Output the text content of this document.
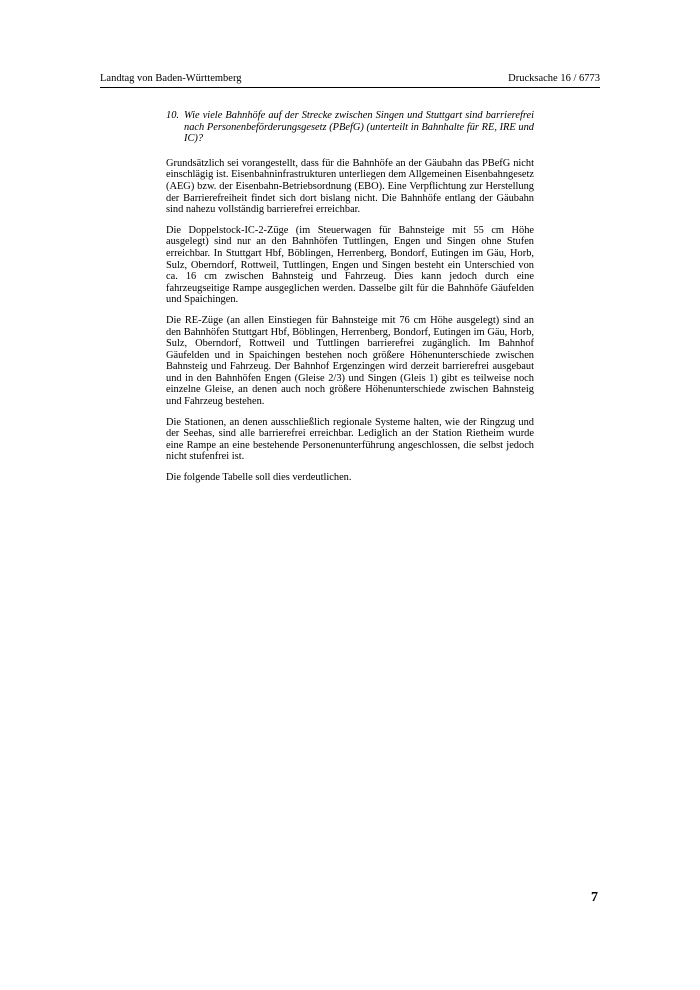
Landtag von Baden-Württemberg	Drucksache 16 / 6773
10. Wie viele Bahnhöfe auf der Strecke zwischen Singen und Stuttgart sind barrierefrei nach Personenbeförderungsgesetz (PBefG) (unterteilt in Bahnhalte für RE, IRE und IC)?

Grundsätzlich sei vorangestellt, dass für die Bahnhöfe an der Gäubahn das PBefG nicht einschlägig ist. Eisenbahninfrastrukturen unterliegen dem Allgemeinen Eisenbahngesetz (AEG) bzw. der Eisenbahn-Betriebsordnung (EBO). Eine Verpflichtung zur Herstellung der Barrierefreiheit findet sich dort bislang nicht. Die Bahnhöfe entlang der Gäubahn sind nahezu vollständig barrierefrei erreichbar.

Die Doppelstock-IC-2-Züge (im Steuerwagen für Bahnsteige mit 55 cm Höhe ausgelegt) sind nur an den Bahnhöfen Tuttlingen, Engen und Singen ohne Stufen erreichbar. In Stuttgart Hbf, Böblingen, Herrenberg, Bondorf, Eutingen im Gäu, Horb, Sulz, Oberndorf, Rottweil, Tuttlingen, Engen und Singen besteht ein Unterschied von ca. 16 cm zwischen Bahnsteig und Fahrzeug. Dies kann jedoch durch eine fahrzeugseitige Rampe ausgeglichen werden. Dasselbe gilt für die Bahnhöfe Gäufelden und Spaichingen.

Die RE-Züge (an allen Einstiegen für Bahnsteige mit 76 cm Höhe ausgelegt) sind an den Bahnhöfen Stuttgart Hbf, Böblingen, Herrenberg, Bondorf, Eutingen im Gäu, Horb, Sulz, Oberndorf, Rottweil und Tuttlingen barrierefrei zugänglich. Im Bahnhof Gäufelden und in Spaichingen bestehen noch größere Höhenunterschiede zwischen Bahnsteig und Fahrzeug. Der Bahnhof Ergenzingen wird derzeit barrierefrei ausgebaut und in den Bahnhöfen Engen (Gleise 2/3) und Singen (Gleis 1) gibt es teilweise noch einzelne Gleise, an denen auch noch größere Höhenunterschiede zwischen Bahnsteig und Fahrzeug bestehen.

Die Stationen, an denen ausschließlich regionale Systeme halten, wie der Ringzug und der Seehas, sind alle barrierefrei erreichbar. Lediglich an der Station Rietheim wurde eine Rampe an eine bestehende Personenunterführung angeschlossen, die selbst jedoch nicht stufenfrei ist.

Die folgende Tabelle soll dies verdeutlichen.

7
